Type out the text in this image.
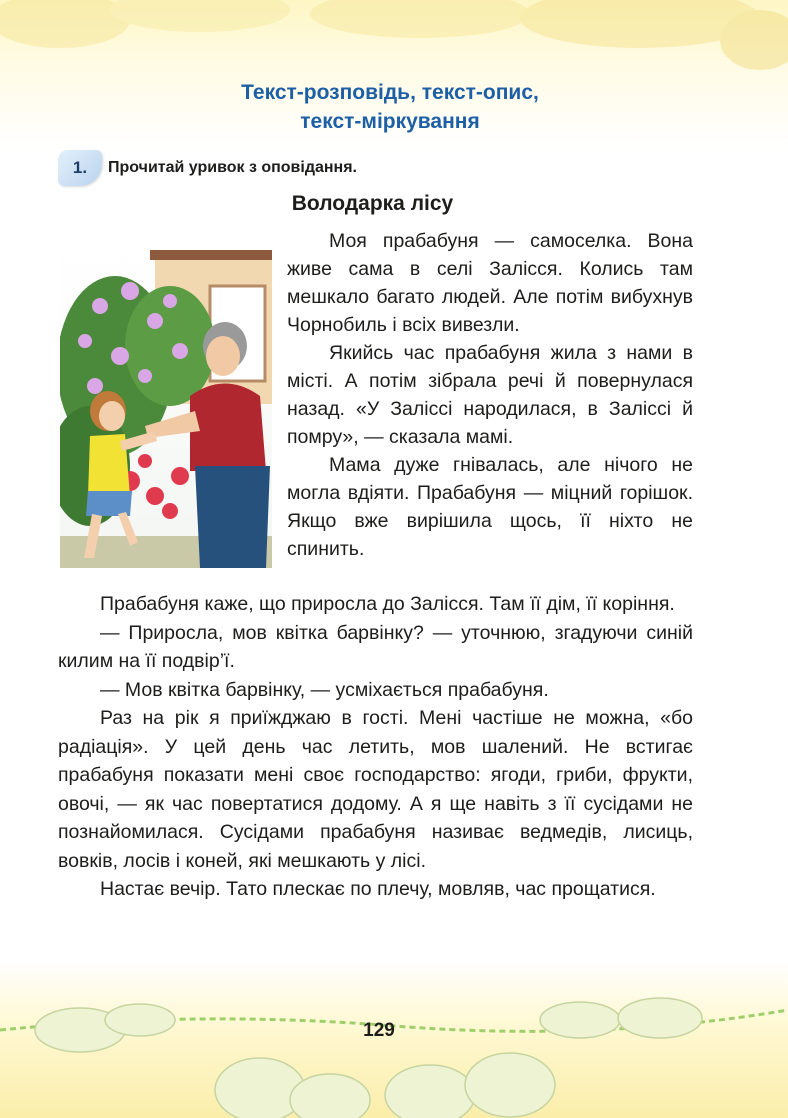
Текст-розповідь, текст-опис,
текст-міркування
1.	Прочитай уривок з оповідання.
Володарка лісу

Моя прабабуня — самоселка. Вона живе сама в селі Залісся. Колись там мешкало багато людей. Але потім вибухнув Чорнобиль і всіх вивезли.

Якийсь час прабабуня жила з нами в місті. А потім зібрала речі й повернулася назад. «У Заліссі народилася, в Заліссі й помру», — сказала мамі.

Мама дуже гнівалась, але нічого не могла вдіяти. Прабабуня — міцний горішок. Якщо вже вирішила щось, її ніхто не спинить.

Прабабуня каже, що приросла до Залісся. Там її дім, її коріння.

— Приросла, мов квітка барвінку? — уточнюю, згадуючи синій килим на її подвір’ї.

— Мов квітка барвінку, — усміхається прабабуня.

Раз на рік я приїжджаю в гості. Мені частіше не можна, «бо радіація». У цей день час летить, мов шалений. Не встигає прабабуня показати мені своє господарство: ягоди, гриби, фрукти, овочі, — як час повертатися додому. А я ще навіть з її сусідами не познайомилася. Сусідами прабабуня називає ведмедів, лисиць, вовків, лосів і коней, які мешкають у лісі.

Настає вечір. Тато плескає по плечу, мовляв, час прощатися.

129
